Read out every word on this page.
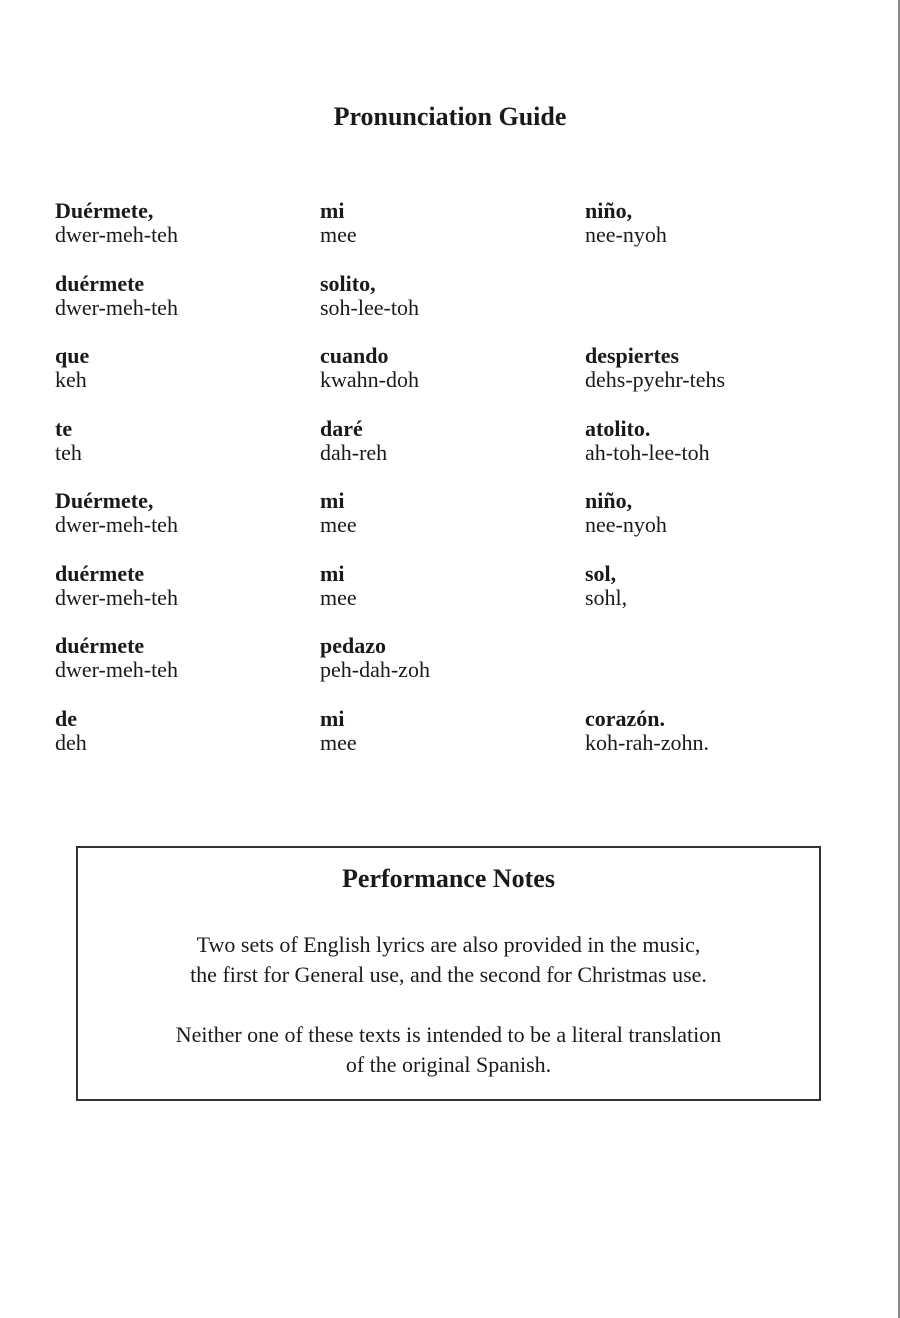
Pronunciation Guide
Duérmete,
dwer-meh-teh
mi
mee
niño,
nee-nyoh
duérmete
dwer-meh-teh
solito,
soh-lee-toh
que
keh
cuando
kwahn-doh
despiertes
dehs-pyehr-tehs
te
teh
daré
dah-reh
atolito.
ah-toh-lee-toh
Duérmete,
dwer-meh-teh
mi
mee
niño,
nee-nyoh
duérmete
dwer-meh-teh
mi
mee
sol,
sohl,
duérmete
dwer-meh-teh
pedazo
peh-dah-zoh
de
deh
mi
mee
corazón.
koh-rah-zohn.
Performance Notes
Two sets of English lyrics are also provided in the music,
the first for General use, and the second for Christmas use.
Neither one of these texts is intended to be a literal translation
of the original Spanish.
